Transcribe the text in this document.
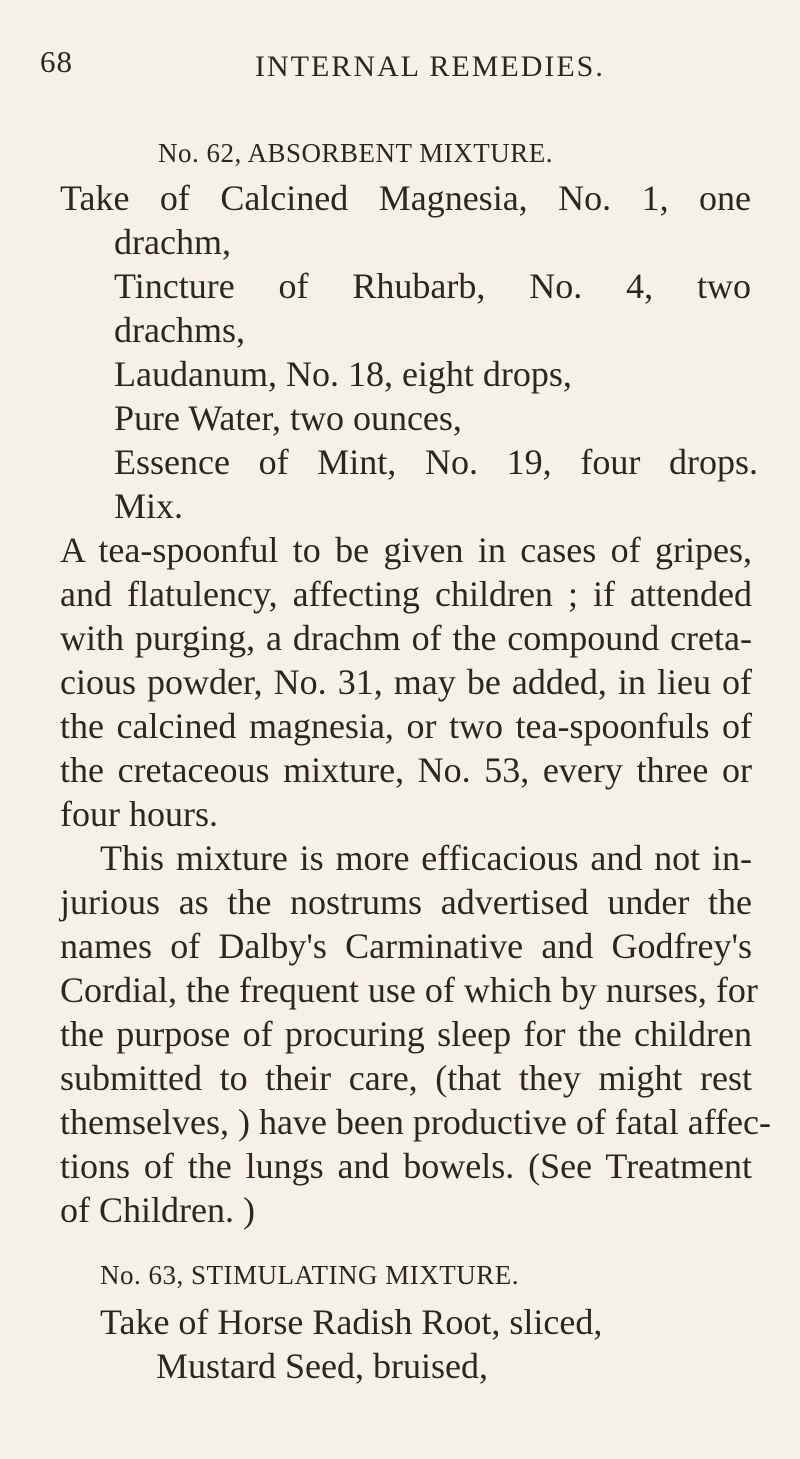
68	INTERNAL REMEDIES.
No. 62, ABSORBENT MIXTURE.
Take of Calcined Magnesia, No. 1, one
drachm,
Tincture of Rhubarb, No. 4, two
drachms,
Laudanum, No. 18, eight drops,
Pure Water, two ounces,
Essence of Mint, No. 19, four drops.
Mix.
A tea-spoonful to be given in cases of gripes,
and flatulency, affecting children ; if attended
with purging, a drachm of the compound creta-
cious powder, No. 31, may be added, in lieu of
the calcined magnesia, or two tea-spoonfuls of
the cretaceous mixture, No. 53, every three or
four hours.
This mixture is more efficacious and not in-
jurious as the nostrums advertised under the
names of Dalby's Carminative and Godfrey's
Cordial, the frequent use of which by nurses, for
the purpose of procuring sleep for the children
submitted to their care, (that they might rest
themselves, ) have been productive of fatal affec-
tions of the lungs and bowels. (See Treatment
of Children. )
No. 63, STIMULATING MIXTURE.
Take of Horse Radish Root, sliced,
Mustard Seed, bruised,
